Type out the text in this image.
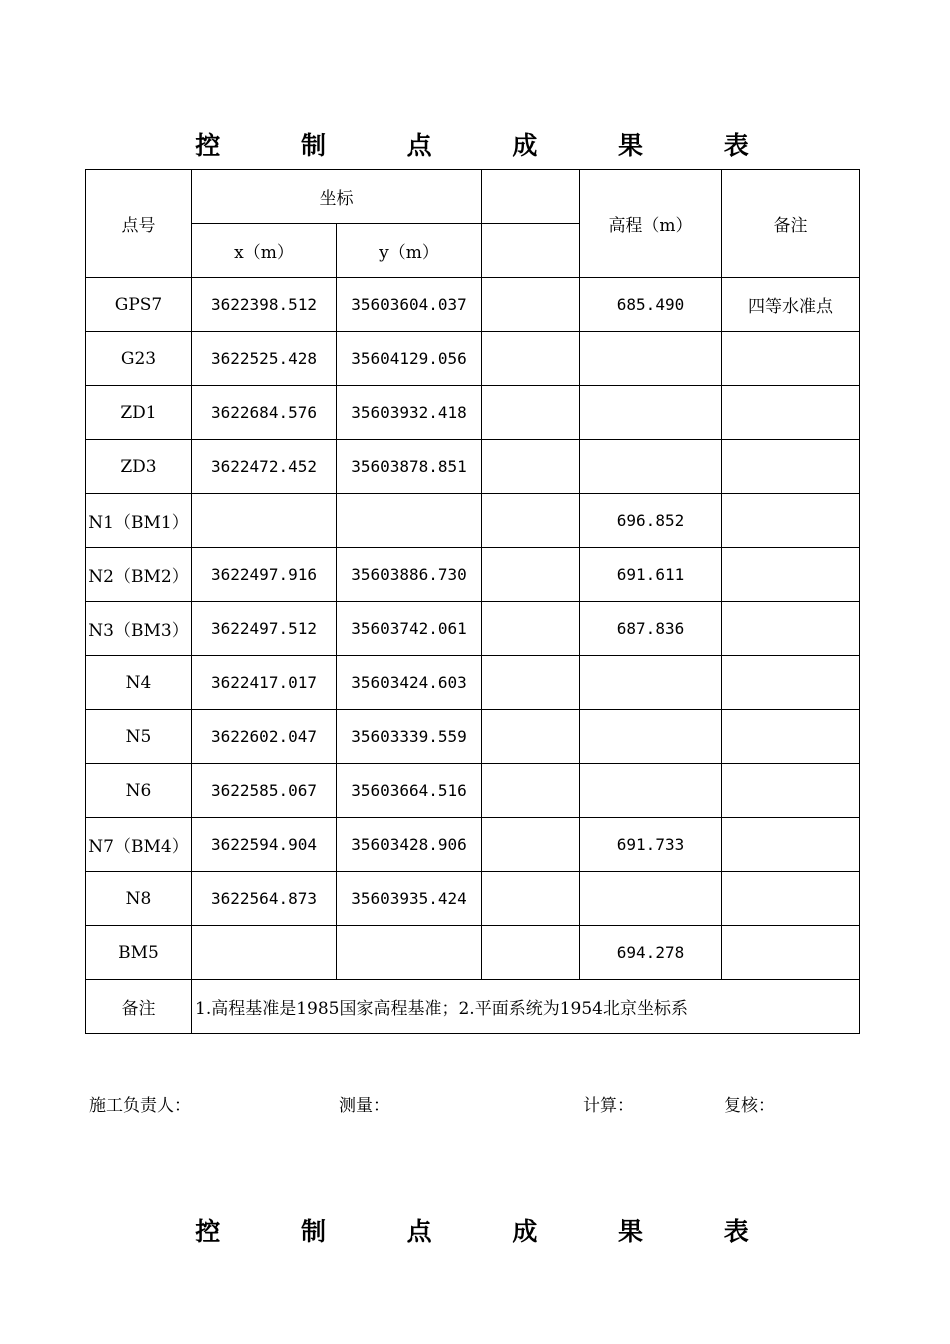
控 制 点 成 果 表
点号	坐标			高程（m）	备注
	x（m）	y（m）			
GPS7	3622398.512	35603604.037		685.490	四等水准点
G23	3622525.428	35604129.056			
ZD1	3622684.576	35603932.418			
ZD3	3622472.452	35603878.851			
N1（BM1）				696.852	
N2（BM2）	3622497.916	35603886.730		691.611	
N3（BM3）	3622497.512	35603742.061		687.836	
N4	3622417.017	35603424.603			
N5	3622602.047	35603339.559			
N6	3622585.067	35603664.516			
N7（BM4）	3622594.904	35603428.906		691.733	
N8	3622564.873	35603935.424			
BM5				694.278	
备注	1.高程基准是1985国家高程基准；2.平面系统为1954北京坐标系				
施工负责人：	测量：	计算：	复核：
控 制 点 成 果 表
